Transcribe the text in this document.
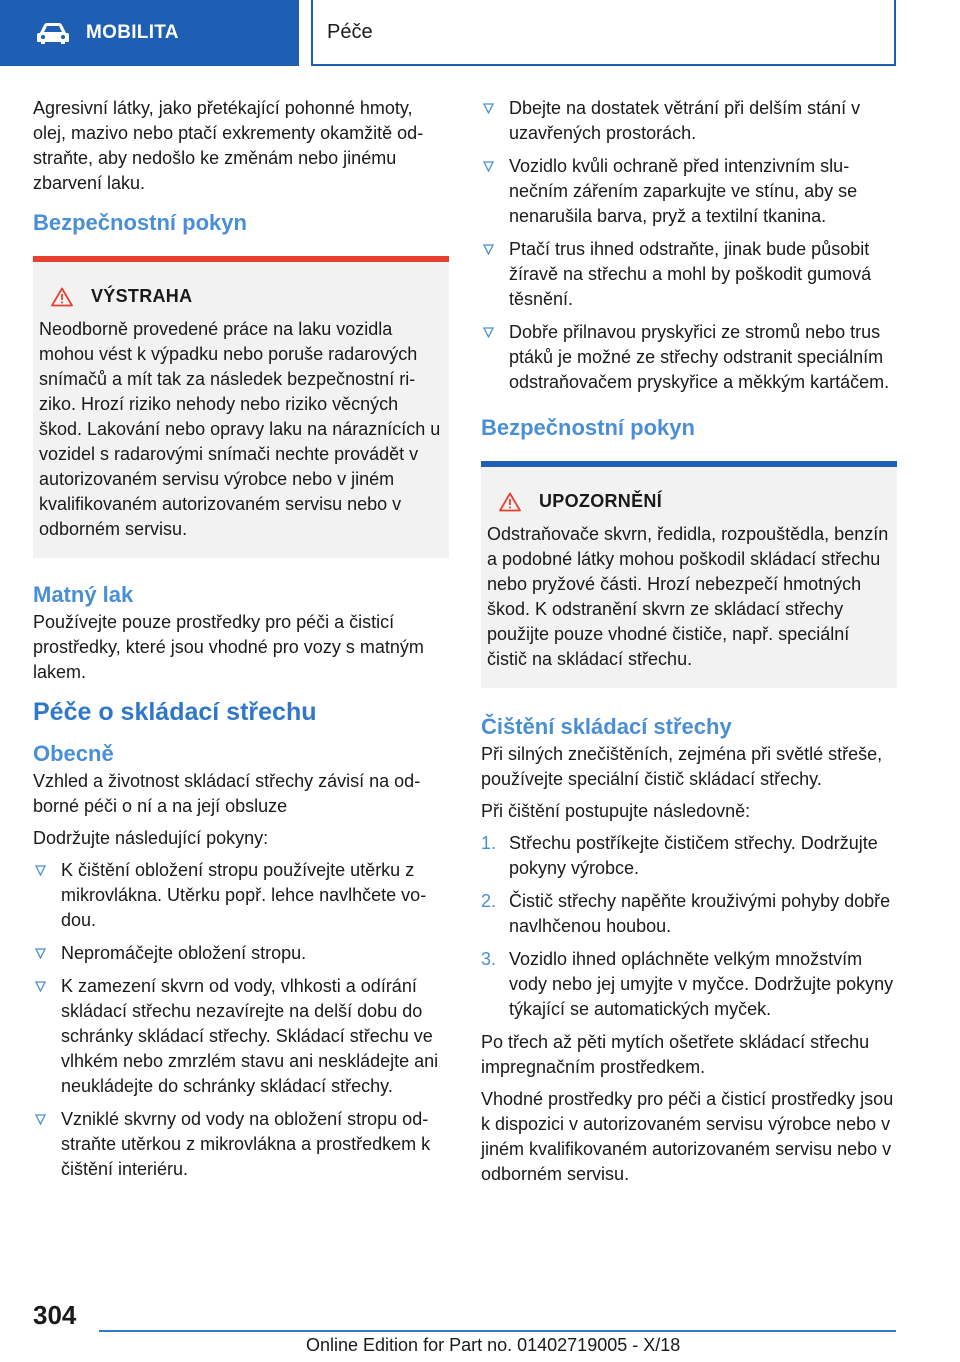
MOBILITA	Péče

Agresivní látky, jako přetékající pohonné hmoty, olej, mazivo nebo ptačí exkrementy okamžitě odstraňte, aby nedošlo ke změnám nebo jinému zbarvení laku.

Bezpečnostní pokyn
VÝSTRAHA

Neodborně provedené práce na laku vozidla mohou vést k výpadku nebo poruše radarových snímačů a mít tak za následek bezpečnostní riziko. Hrozí riziko nehody nebo riziko věcných škod. Lakování nebo opravy laku na náraznících u vozidel s radarovými snímači nechte provádět v autorizovaném servisu výrobce nebo v jiném kvalifikovaném autorizovaném servisu nebo v odborném servisu.

Matný lak

Používejte pouze prostředky pro péči a čisticí prostředky, které jsou vhodné pro vozy s matným lakem.

Péče o skládací střechu
Obecně

Vzhled a životnost skládací střechy závisí na odborné péči o ní a na její obsluze

Dodržujte následující pokyny:

K čištění obložení stropu používejte utěrku z mikrovlákna. Utěrku popř. lehce navlhčete vodou.
Nepromáčejte obložení stropu.
K zamezení skvrn od vody, vlhkosti a odírání skládací střechu nezavírejte na delší dobu do schránky skládací střechy. Skládací střechu ve vlhkém nebo zmrzlém stavu ani neskládejte ani neukládejte do schránky skládací střechy.
Vzniklé skvrny od vody na obložení stropu odstraňte utěrkou z mikrovlákna a prostředkem k čištění interiéru.
Dbejte na dostatek větrání při delším stání v uzavřených prostorách.
Vozidlo kvůli ochraně před intenzivním slunečním zářením zaparkujte ve stínu, aby se nenarušila barva, pryž a textilní tkanina.
Ptačí trus ihned odstraňte, jinak bude působit žíravě na střechu a mohl by poškodit gumová těsnění.
Dobře přilnavou pryskyřici ze stromů nebo trus ptáků je možné ze střechy odstranit speciálním odstraňovačem pryskyřice a měkkým kartáčem.
Bezpečnostní pokyn
UPOZORNĚNÍ

Odstraňovače skvrn, ředidla, rozpouštědla, benzín a podobné látky mohou poškodil skládací střechu nebo pryžové části. Hrozí nebezpečí hmotných škod. K odstranění skvrn ze skládací střechy použijte pouze vhodné čističe, např. speciální čistič na skládací střechu.

Čištění skládací střechy

Při silných znečištěních, zejména při světlé střeše, používejte speciální čistič skládací střechy.

Při čištění postupujte následovně:

1. Střechu postříkejte čističem střechy. Dodržujte pokyny výrobce.
2. Čistič střechy napěňte krouživými pohyby dobře navlhčenou houbou.
3. Vozidlo ihned opláchněte velkým množstvím vody nebo jej umyjte v myčce. Dodržujte pokyny týkající se automatických myček.

Po třech až pěti mytích ošetřete skládací střechu impregnačním prostředkem.

Vhodné prostředky pro péči a čisticí prostředky jsou k dispozici v autorizovaném servisu výrobce nebo v jiném kvalifikovaném autorizovaném servisu nebo v odborném servisu.

304
Online Edition for Part no. 01402719005 - X/18
